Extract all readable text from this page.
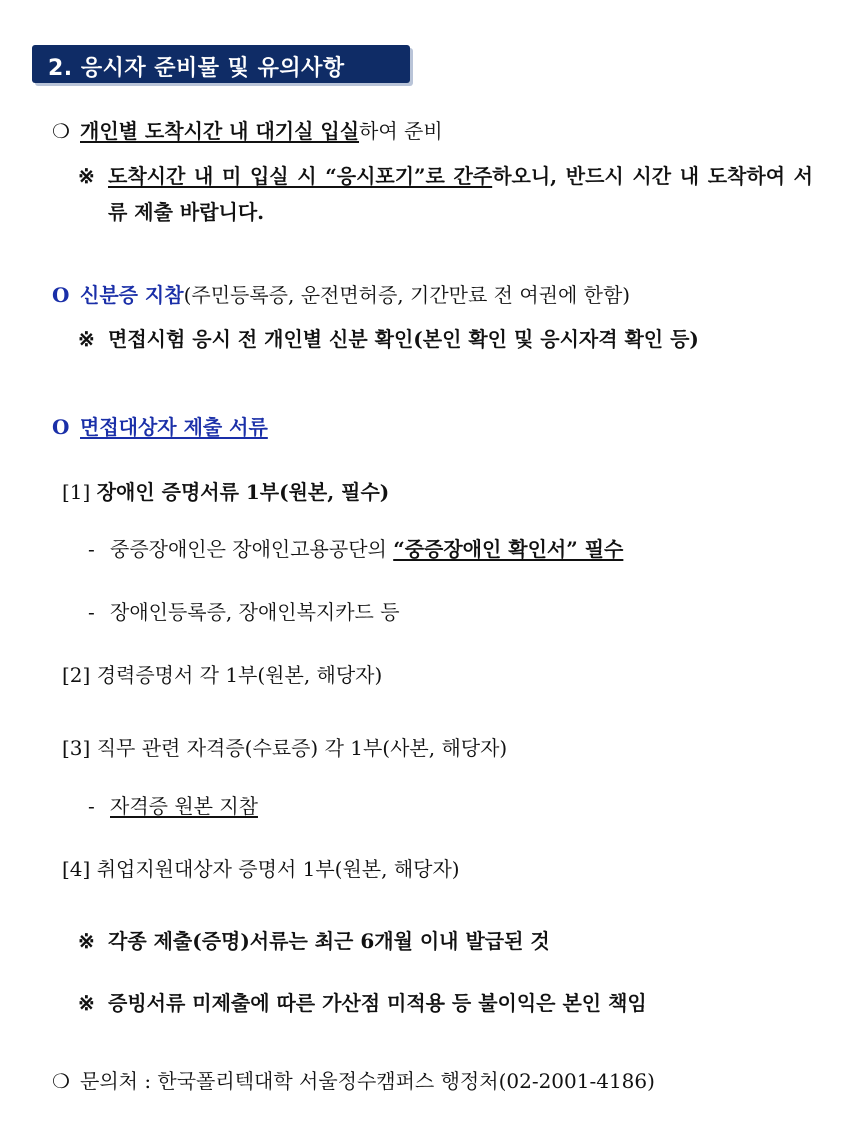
2. 응시자 준비물 및 유의사항
❍ 개인별 도착시간 내 대기실 입실하여 준비
※ 도착시간 내 미 입실 시 “응시포기”로 간주하오니, 반드시 시간 내 도착하여 서류 제출 바랍니다.
O 신분증 지참(주민등록증, 운전면허증, 기간만료 전 여권에 한함)
※ 면접시험 응시 전 개인별 신분 확인(본인 확인 및 응시자격 확인 등)
O 면접대상자 제출 서류
[1] 장애인 증명서류 1부(원본, 필수)
- 중증장애인은 장애인고용공단의 “중증장애인 확인서” 필수
- 장애인등록증, 장애인복지카드 등
[2] 경력증명서 각 1부(원본, 해당자)
[3] 직무 관련 자격증(수료증) 각 1부(사본, 해당자)
- 자격증 원본 지참
[4] 취업지원대상자 증명서 1부(원본, 해당자)
※ 각종 제출(증명)서류는 최근 6개월 이내 발급된 것
※ 증빙서류 미제출에 따른 가산점 미적용 등 불이익은 본인 책임
❍ 문의처 : 한국폴리텍대학 서울정수캠퍼스 행정처(02-2001-4186)
